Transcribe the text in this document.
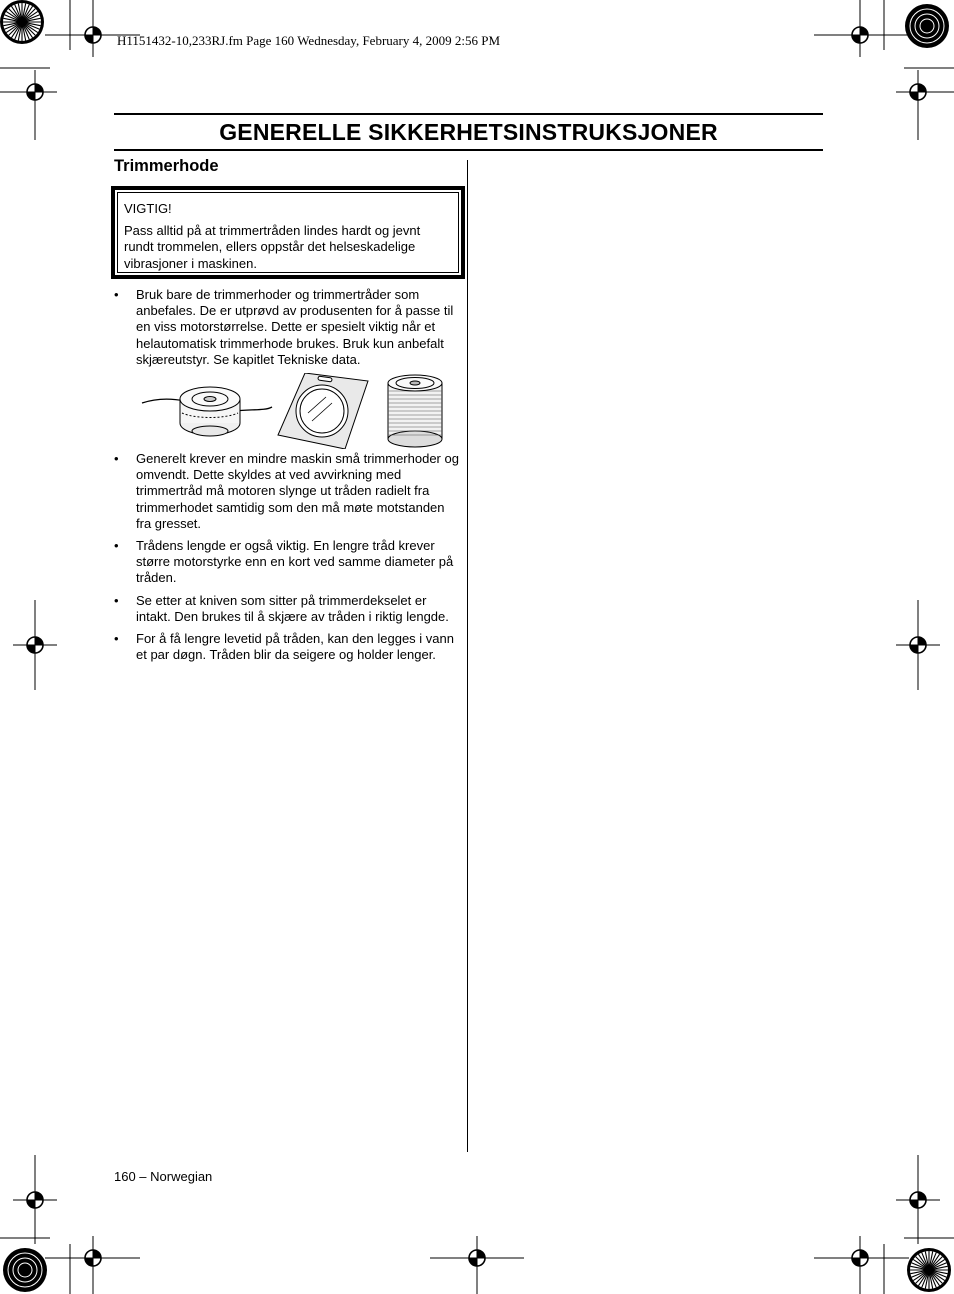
H1151432-10,233RJ.fm Page 160 Wednesday, February 4, 2009 2:56 PM
GENERELLE SIKKERHETSINSTRUKSJONER
Trimmerhode
VIGTIG!
Pass alltid på at trimmertråden lindes hardt og jevnt rundt trommelen, ellers oppstår det helseskadelige vibrasjoner i maskinen.
• Bruk bare de trimmerhoder og trimmertråder som anbefales. De er utprøvd av produsenten for å passe til en viss motorstørrelse. Dette er spesielt viktig når et helautomatisk trimmerhode brukes. Bruk kun anbefalt skjæreutstyr. Se kapitlet Tekniske data.
• Generelt krever en mindre maskin små trimmerhoder og omvendt. Dette skyldes at ved avvirkning med trimmertråd må motoren slynge ut tråden radielt fra trimmerhodet samtidig som den må møte motstanden fra gresset.
• Trådens lengde er også viktig. En lengre tråd krever større motorstyrke enn en kort ved samme diameter på tråden.
• Se etter at kniven som sitter på trimmerdekselet er intakt. Den brukes til å skjære av tråden i riktig lengde.
• For å få lengre levetid på tråden, kan den legges i vann et par døgn. Tråden blir da seigere og holder lenger.
160 – Norwegian
